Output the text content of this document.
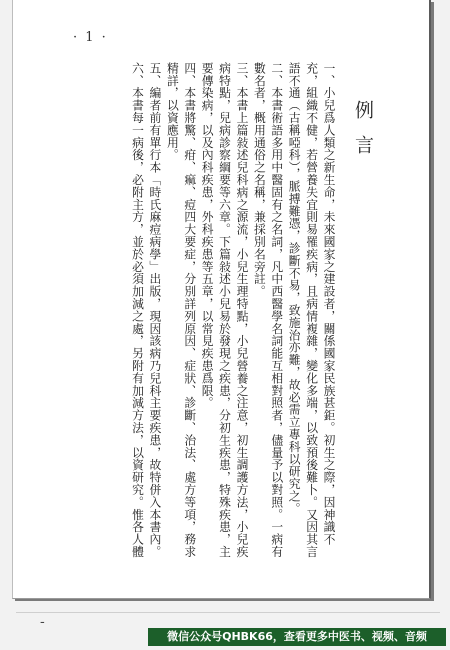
· 1 ·
例言

一、小兒爲人類之新生命，未來國家之建設者，關係國家民族甚鉅。初生之際，因神識不充，組織不健，若營養失宜則易罹疾病，且病情複雜，變化多端，以致預後難卜。又因其言語不通（古稱啞科），脈搏難憑，診斷不易，致施治亦難，故必需立專科以研究之。

二、本書術語多用中醫固有之名詞，凡中西醫學名詞能互相對照者，儘量予以對照。一病有數名者，概用通俗之名稱，兼採別名旁註。

三、本書上篇敍述兒科病之源流，小兒生理特點，小兒營養之注意，初生調護方法，小兒疾病特點，兒病診察綱要等六章。下篇敍述小兒易於發現之疾患，分初生疾患，特殊疾患，主要傳染病，以及內科疾患，外科疾患等五章，以常見疾患爲限。

四、本書將驚、疳、痲、痘四大要症，分別詳列原因、症狀、診斷、治法、處方等項，務求精詳，以資應用。

五、編者前有單行本「時氏麻痘病學」出版，現因該病乃兒科主要疾患，故特併入本書內。

六、本書每一病後，必附主方，並於必須加減之處，另附有加減方法，以資研究。惟各人體

-
微信公众号QHBK66，查看更多中医书、视频、音频
